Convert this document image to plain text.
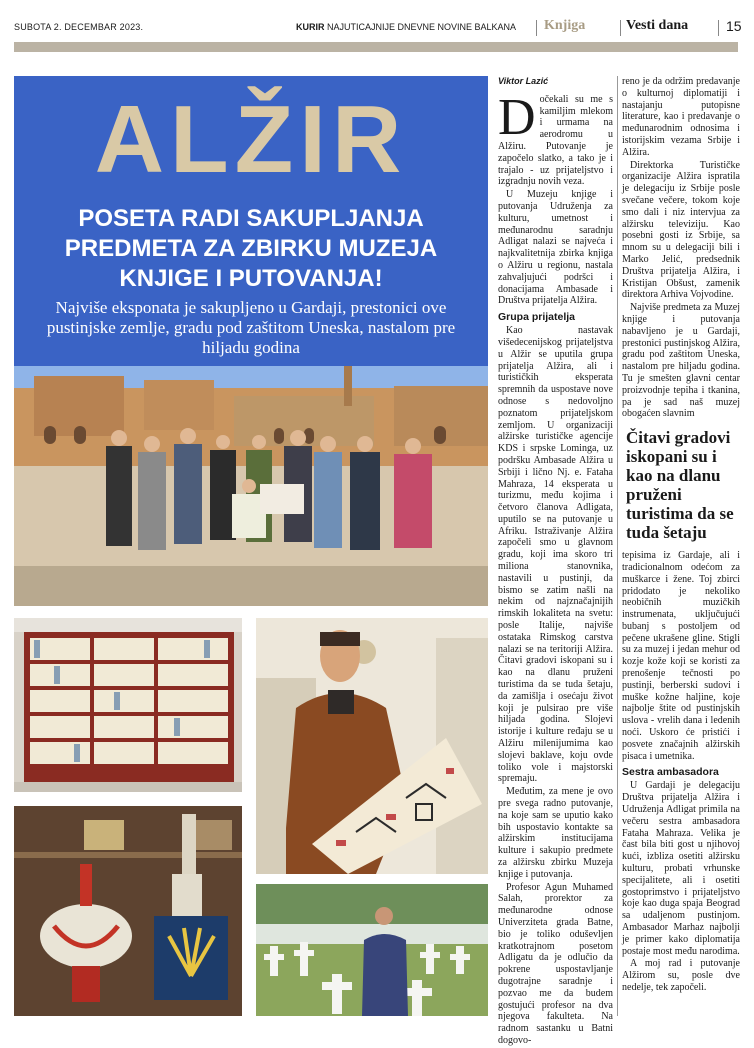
SUBOTA 2. DECEMBAR 2023.	KURIR NAJUTICAJNIJE DNEVNE NOVINE BALKANA Knjiga	Vesti dana	15
ALŽIR
POSETA RADI SAKUPLJANJA PREDMETA ZA ZBIRKU MUZEJA KNJIGE I PUTOVANJA!
Najviše eksponata je sakupljeno u Gardaji, prestonici ove pustinjske zemlje, gradu pod zaštitom Uneska, nastalom pre hiljadu godina
Viktor Lazić

Dočekali su me s kamiljim mlekom i urmama na aerodromu u Alžiru. Putovanje je započelo slatko, a tako je i trajalo - uz prijateljstvo i izgradnju novih veza.

U Muzeju knjige i putovanja Udruženja za kulturu, umetnost i međunarodnu saradnju Adligat nalazi se najveća i najkvalitetnija zbirka knjiga o Alžiru u regionu, nastala zahvaljujući podršci i donacijama Ambasade i Društva prijatelja Alžira.

Grupa prijatelja

Kao nastavak višedecenijskog prijateljstva u Alžir se uputila grupa prijatelja Alžira, ali i turističkih eksperata spremnih da uspostave nove odnose s nedovoljno poznatom prijateljskom zemljom. U organizaciji alžirske turističke agencije KDS i srpske Lominga, uz podršku Ambasade Alžira u Srbiji i lično Nj. e. Fataha Mahraza, 14 eksperata u turizmu, među kojima i četvoro članova Adligata, uputilo se na putovanje u Afriku. Istraživanje Alžira započeli smo u glavnom gradu, koji ima skoro tri miliona stanovnika, nastavili u pustinji, da bismo se zatim našli na nekim od najznačajnijih rimskih lokaliteta na svetu: posle Italije, najviše ostataka Rimskog carstva nalazi se na teritoriji Alžira. Čitavi gradovi iskopani su i kao na dlanu pruženi turistima da se tuda šetaju, da zamišlja i osećaju život koji je pulsirao pre više hiljada godina. Slojevi istorije i kulture ređaju se u Alžiru milenijumima kao slojevi baklave, koju ovde toliko vole i majstorski spremaju.

Međutim, za mene je ovo pre svega radno putovanje, na koje sam se uputio kako bih uspostavio kontakte sa alžirskim institucijama kulture i sakupio predmete za alžirsku zbirku Muzeja knjige i putovanja.

Profesor Agun Muhamed Salah, prorektor za međunarodne odnose Univerziteta grada Batne, bio je toliko oduševljen kratkotrajnom posetom Adligatu da je odlučio da pokrene uspostavljanje dugotrajne saradnje i pozvao me da budem gostujući profesor na dva njegova fakulteta. Na radnom sastanku u Batni dogovo-

reno je da održim predavanje o kulturnoj diplomatiji i nastajanju putopisne literature, kao i predavanje o međunarodnim odnosima i istorijskim vezama Srbije i Alžira.

Direktorka Turističke organizacije Alžira ispratila je delegaciju iz Srbije posle svečane večere, tokom koje smo dali i niz intervjua za alžirsku televiziju. Kao posebni gosti iz Srbije, sa mnom su u delegaciji bili i Marko Jelić, predsednik Društva prijatelja Alžira, i Kristijan Obšust, zamenik direktora Arhiva Vojvodine.

Najviše predmeta za Muzej knjige i putovanja nabavljeno je u Gardaji, prestonici pustinjskog Alžira, gradu pod zaštitom Uneska, nastalom pre hiljadu godina. Tu je smešten glavni centar proizvodnje tepiha i tkanina, pa je sad naš muzej obogaćen slavnim

Čitavi gradovi iskopani su i kao na dlanu pruženi turistima da se tuda šetaju

tepisima iz Gardaje, ali i tradicionalnom odećom za muškarce i žene. Toj zbirci pridodato je nekoliko neobičnih muzičkih instrumenata, uključujući bubanj s postoljem od pečene ukrašene gline. Stigli su za muzej i jedan mehur od kozje kože koji se koristi za prenošenje tečnosti po pustinji, berberski sudovi i muške kožne haljine, koje najbolje štite od pustinjskih uslova - vrelih dana i ledenih noći. Uskoro će pristići i posvete značajnih alžirskih pisaca i umetnika.

Sestra ambasadora

U Gardaji je delegaciju Društva prijatelja Alžira i Udruženja Adligat primila na večeru sestra ambasadora Fataha Mahraza. Velika je čast bila biti gost u njihovoj kući, izbliza osetiti alžirsku kulturu, probati vrhunske specijalitete, ali i osetiti gostoprimstvo i prijateljstvo koje kao duga spaja Beograd sa udaljenom pustinjom. Ambasador Marhaz najbolji je primer kako diplomatija postaje most među narodima.

A moj rad i putovanje Alžirom su, posle dve nedelje, tek započeli.
